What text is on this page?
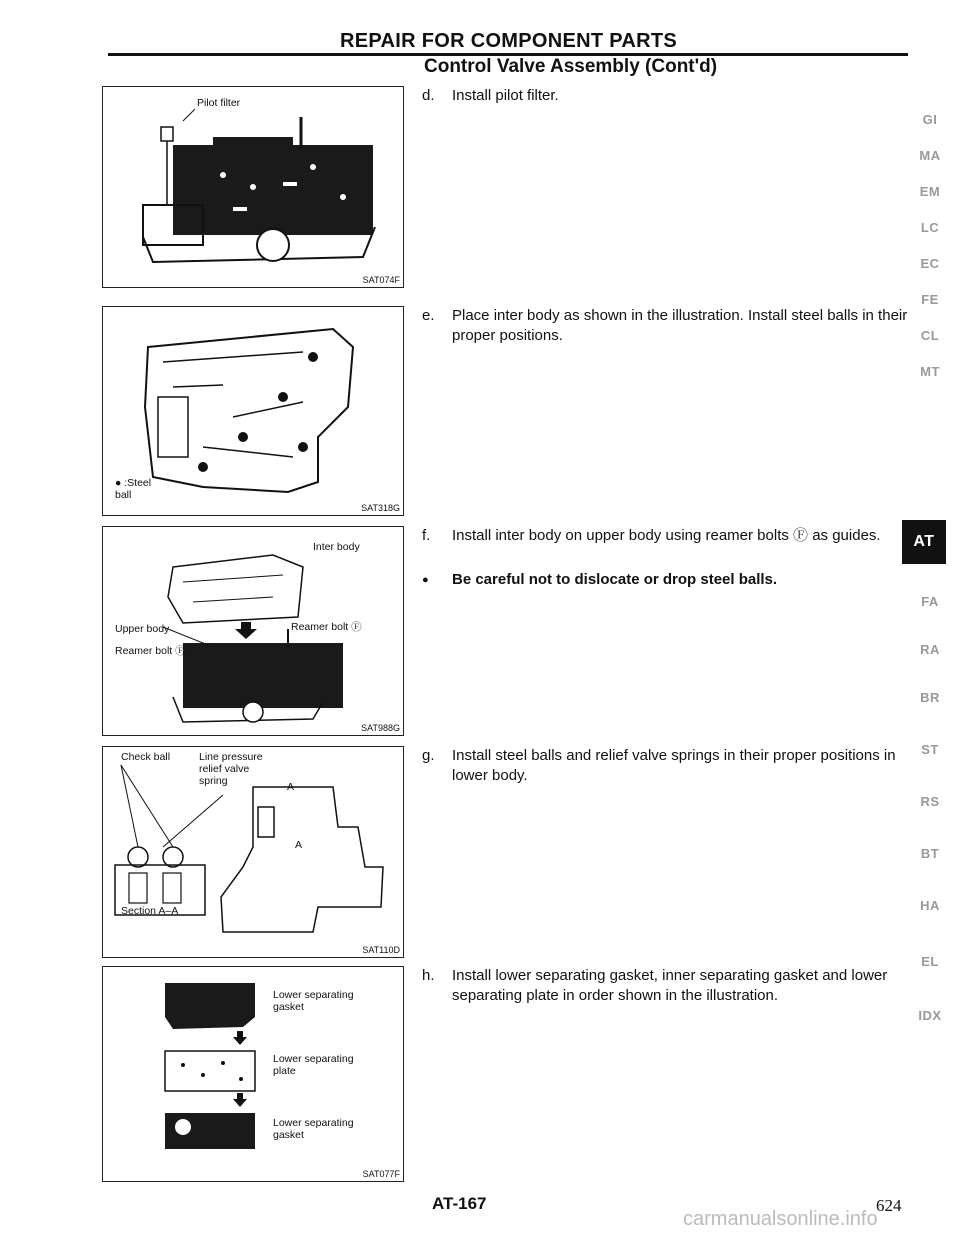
REPAIR FOR COMPONENT PARTS
Control Valve Assembly (Cont'd)
Pilot filter
SAT074F
● :Steel
ball
SAT318G
Inter body
Upper body	Reamer bolt Ⓕ
Reamer bolt Ⓕ
SAT988G
Check ball	Line pressure
relief valve
spring	A
A
Section A–A
SAT110D
Lower separating
gasket
Lower separating
plate
Lower separating
gasket
SAT077F
d. Install pilot filter.
e. Place inter body as shown in the illustration. Install steel balls in their proper positions.
f. Install inter body on upper body using reamer bolts Ⓕ as guides.
● Be careful not to dislocate or drop steel balls.
g. Install steel balls and relief valve springs in their proper positions in lower body.
h. Install lower separating gasket, inner separating gasket and lower separating plate in order shown in the illustration.
GI
MA
EM
LC
EC
FE
CL
MT
AT
FA
RA
BR
ST
RS
BT
HA
EL
IDX
AT-167	624
carmanualsonline.info
